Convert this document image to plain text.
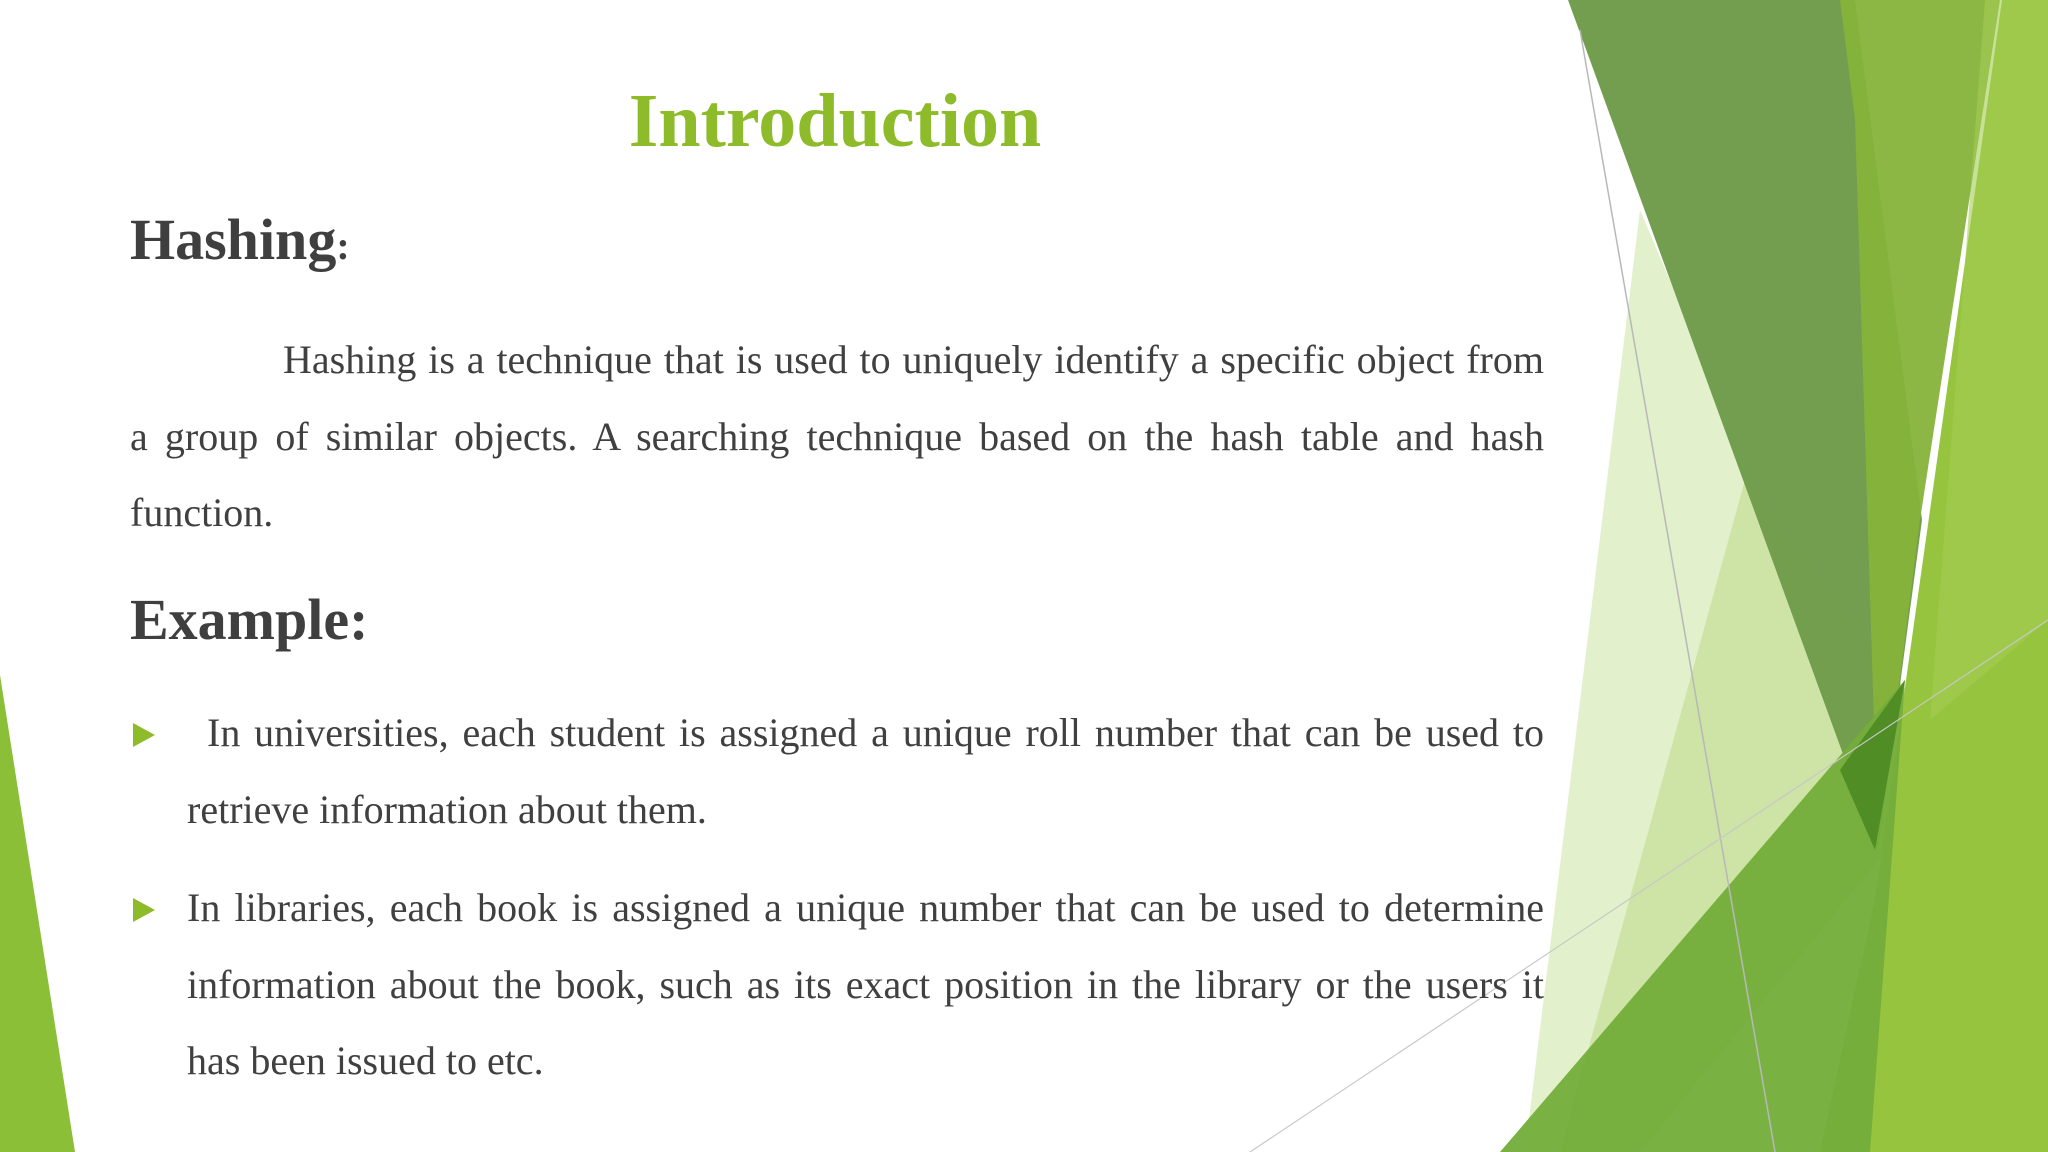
Introduction
Hashing:
Hashing is a technique that is used to uniquely identify a specific object from a group of similar objects. A searching technique based on the hash table and hash function.
Example:
In universities, each student is assigned a unique roll number that can be used to retrieve information about them.
In libraries, each book is assigned a unique number that can be used to determine information about the book, such as its exact position in the library or the users it has been issued to etc.
